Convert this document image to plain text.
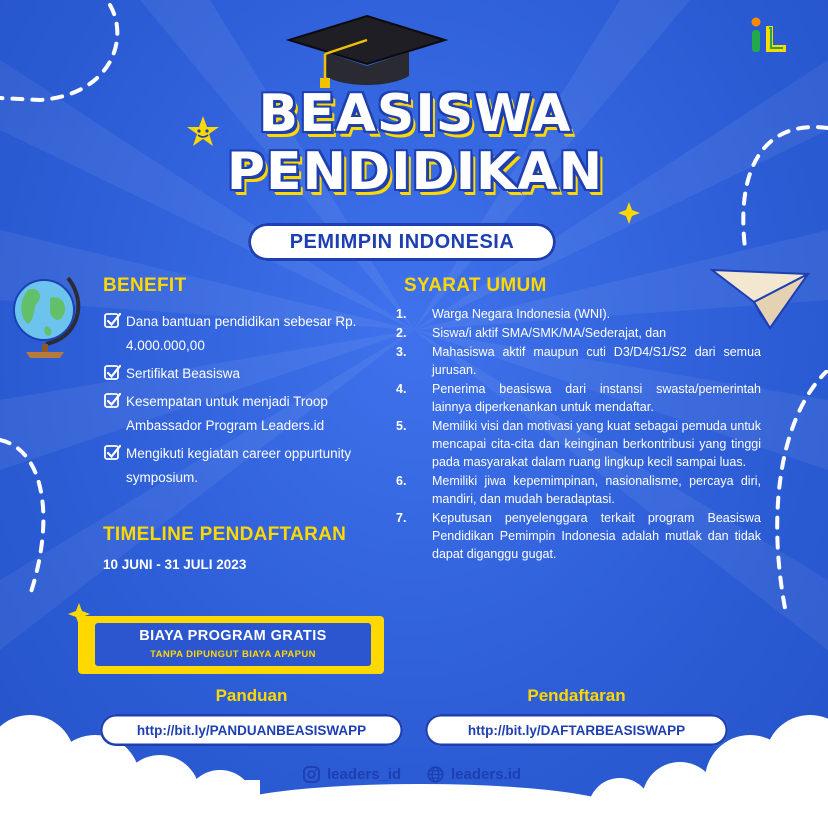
BEASISWA
PENDIDIKAN
PEMIMPIN INDONESIA
BENEFIT
Dana bantuan pendidikan sebesar Rp. 4.000.000,00
Sertifikat Beasiswa
Kesempatan untuk menjadi Troop Ambassador Program Leaders.id
Mengikuti kegiatan career oppurtunity symposium.
TIMELINE PENDAFTARAN
10 JUNI - 31 JULI 2023
SYARAT UMUM
1. Warga Negara Indonesia (WNI).
2. Siswa/i aktif SMA/SMK/MA/Sederajat, dan
3. Mahasiswa aktif maupun cuti D3/D4/S1/S2 dari semua jurusan.
4. Penerima beasiswa dari instansi swasta/pemerintah lainnya diperkenankan untuk mendaftar.
5. Memiliki visi dan motivasi yang kuat sebagai pemuda untuk mencapai cita-cita dan keinginan berkontribusi yang tinggi pada masyarakat dalam ruang lingkup kecil sampai luas.
6. Memiliki jiwa kepemimpinan, nasionalisme, percaya diri, mandiri, dan mudah beradaptasi.
7. Keputusan penyelenggara terkait program Beasiswa Pendidikan Pemimpin Indonesia adalah mutlak dan tidak dapat diganggu gugat.
BIAYA PROGRAM GRATIS
TANPA DIPUNGUT BIAYA APAPUN
Panduan
http://bit.ly/PANDUANBEASISWAPP
Pendaftaran
http://bit.ly/DAFTARBEASISWAPP
leaders_id	leaders.id
